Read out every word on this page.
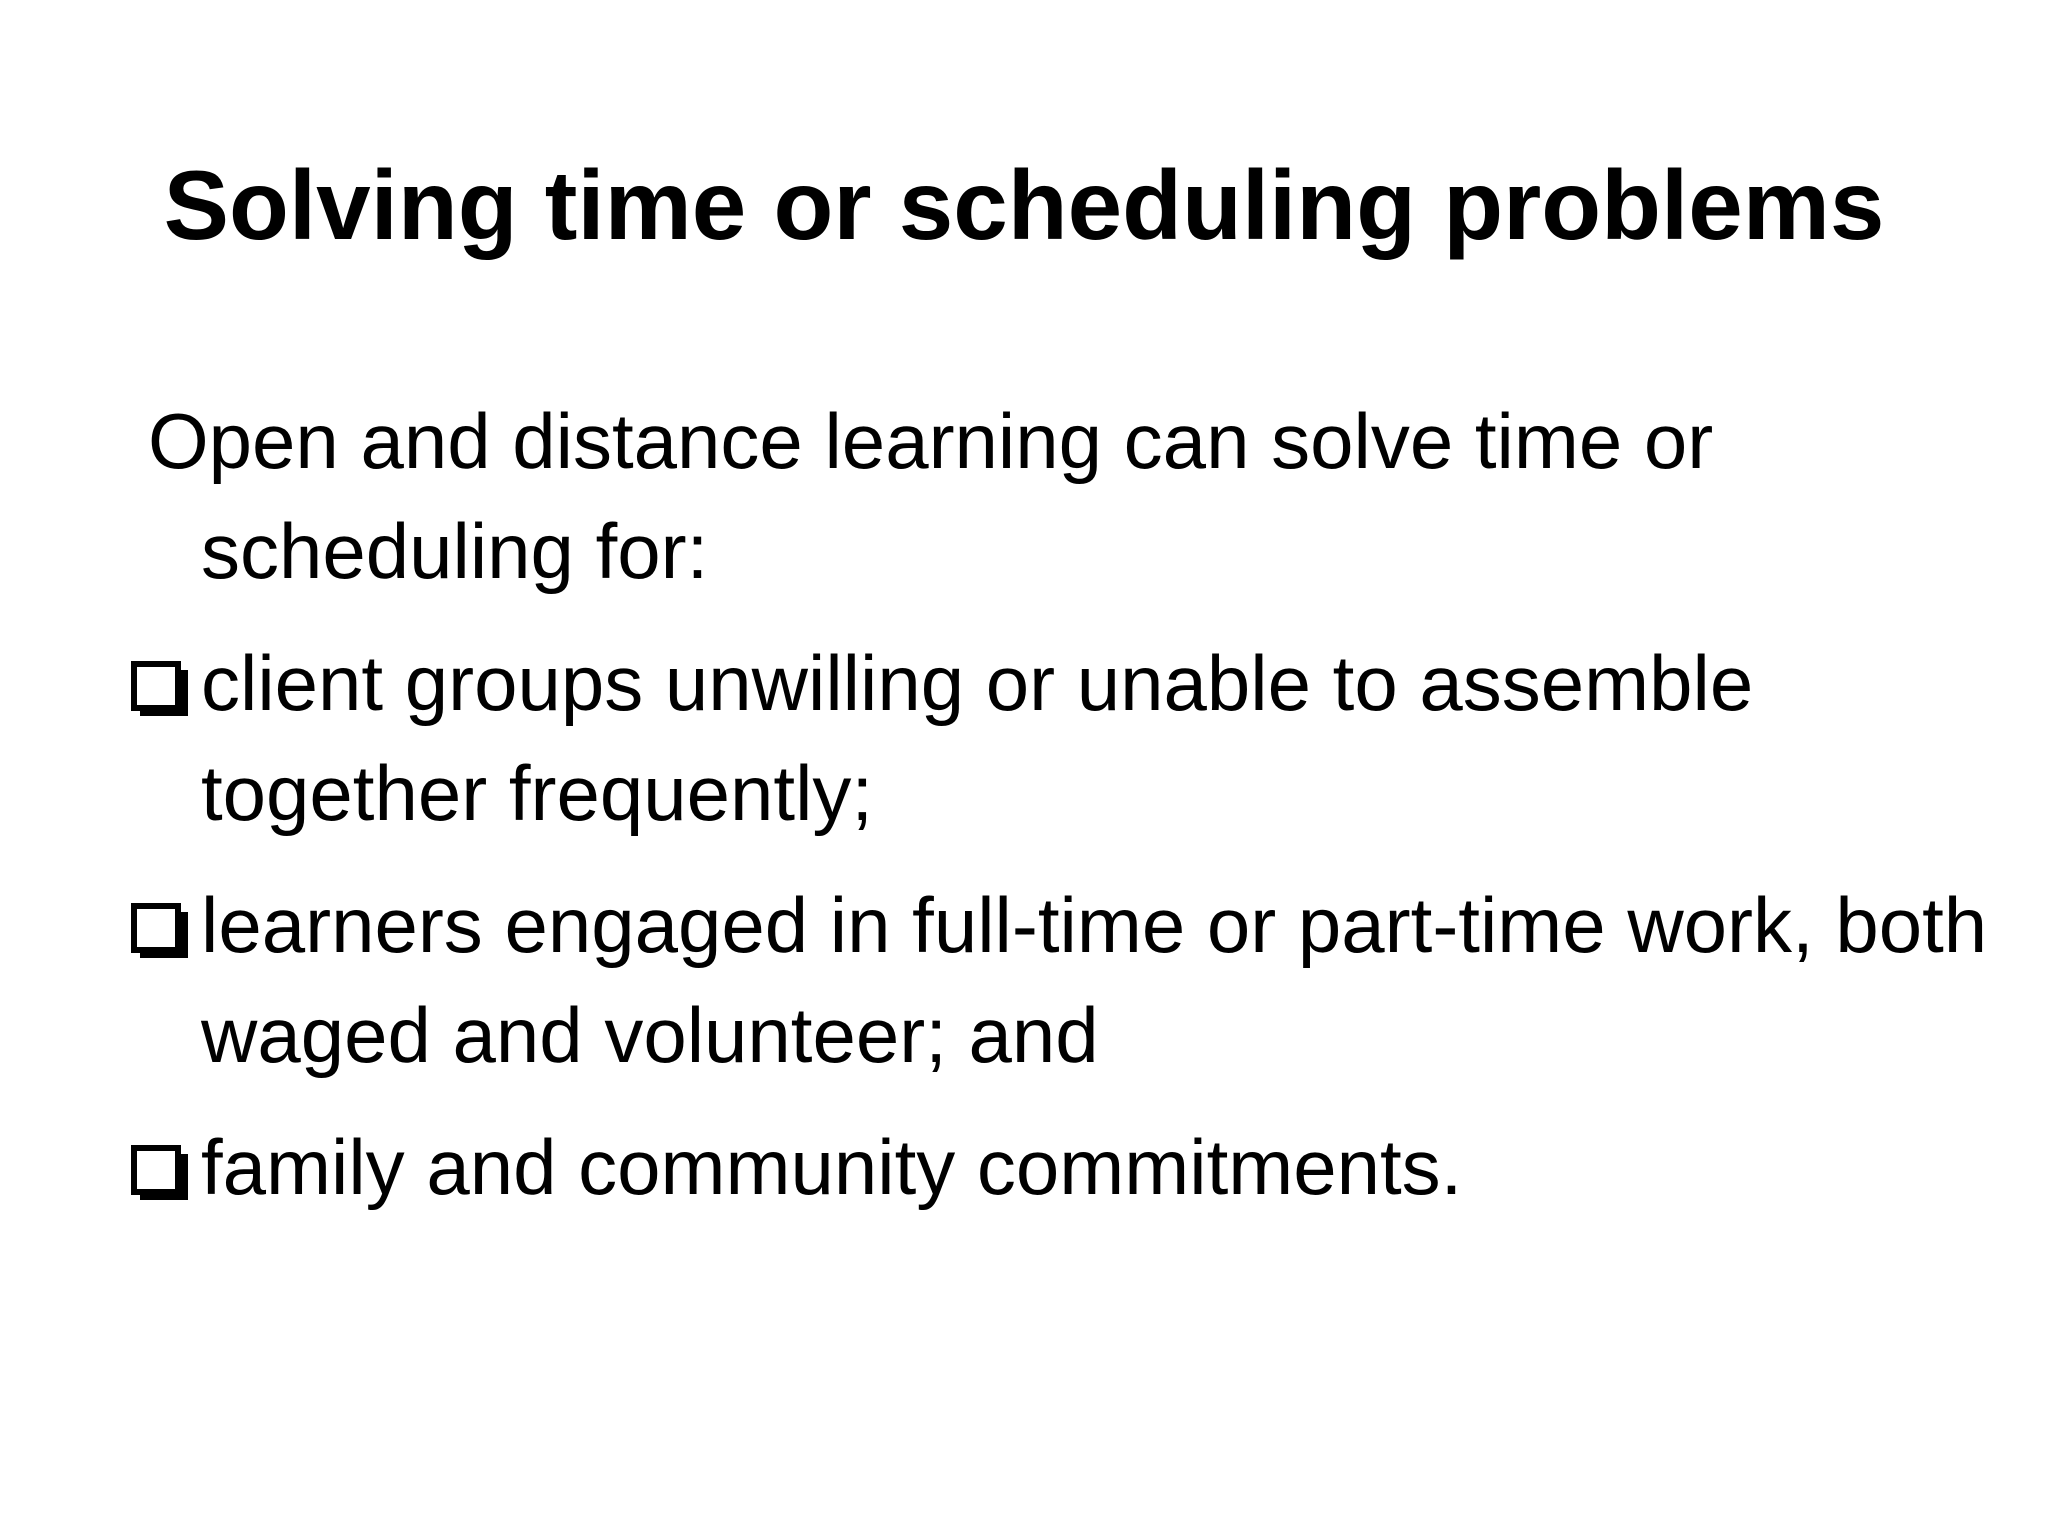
Solving time or scheduling problems

Open and distance learning can solve time or scheduling for:

client groups unwilling or unable to assemble together frequently;
learners engaged in full-time or part-time work, both waged and volunteer; and
family and community commitments.
